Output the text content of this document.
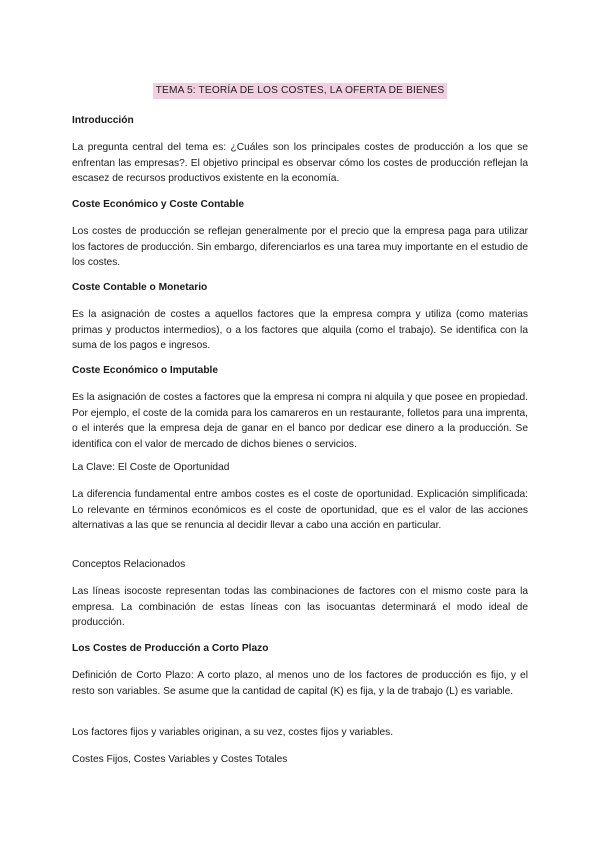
TEMA 5: TEORÍA DE LOS COSTES, LA OFERTA DE BIENES
Introducción
La pregunta central del tema es: ¿Cuáles son los principales costes de producción a los que se enfrentan las empresas?. El objetivo principal es observar cómo los costes de producción reflejan la escasez de recursos productivos existente en la economía.
Coste Económico y Coste Contable
Los costes de producción se reflejan generalmente por el precio que la empresa paga para utilizar los factores de producción. Sin embargo, diferenciarlos es una tarea muy importante en el estudio de los costes.
Coste Contable o Monetario
Es la asignación de costes a aquellos factores que la empresa compra y utiliza (como materias primas y productos intermedios), o a los factores que alquila (como el trabajo). Se identifica con la suma de los pagos e ingresos.
Coste Económico o Imputable
Es la asignación de costes a factores que la empresa ni compra ni alquila y que posee en propiedad. Por ejemplo, el coste de la comida para los camareros en un restaurante, folletos para una imprenta, o el interés que la empresa deja de ganar en el banco por dedicar ese dinero a la producción. Se identifica con el valor de mercado de dichos bienes o servicios.
La Clave: El Coste de Oportunidad
La diferencia fundamental entre ambos costes es el coste de oportunidad. Explicación simplificada: Lo relevante en términos económicos es el coste de oportunidad, que es el valor de las acciones alternativas a las que se renuncia al decidir llevar a cabo una acción en particular.
Conceptos Relacionados
Las líneas isocoste representan todas las combinaciones de factores con el mismo coste para la empresa. La combinación de estas líneas con las isocuantas determinará el modo ideal de producción.
Los Costes de Producción a Corto Plazo
Definición de Corto Plazo: A corto plazo, al menos uno de los factores de producción es fijo, y el resto son variables. Se asume que la cantidad de capital (K) es fija, y la de trabajo (L) es variable.
Los factores fijos y variables originan, a su vez, costes fijos y variables.
Costes Fijos, Costes Variables y Costes Totales
